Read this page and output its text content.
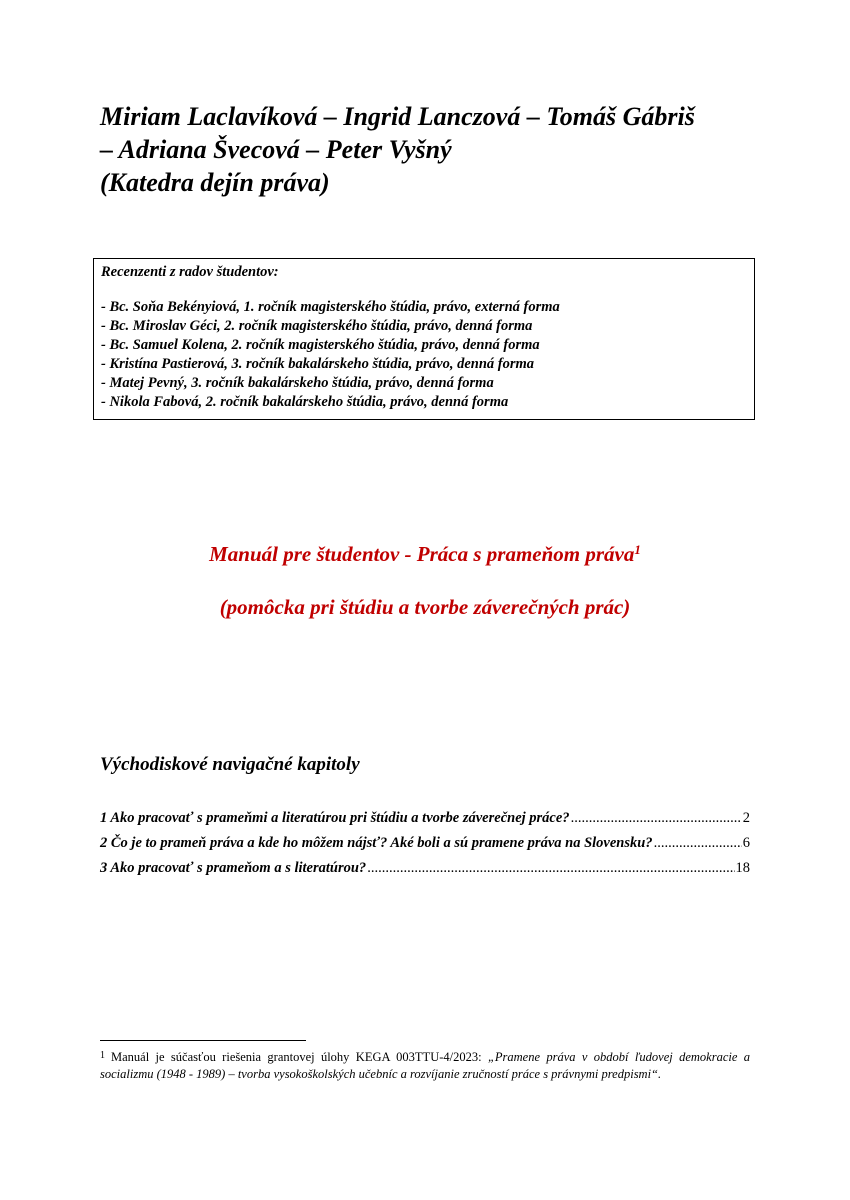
Miriam Laclavíková – Ingrid Lanczová – Tomáš Gábriš
– Adriana Švecová – Peter Vyšný
(Katedra dejín práva)
Recenzenti z radov študentov:
- Bc. Soňa Bekényiová, 1. ročník magisterského štúdia, právo, externá forma
- Bc. Miroslav Géci, 2. ročník magisterského štúdia, právo, denná forma
- Bc. Samuel Kolena, 2. ročník magisterského štúdia, právo, denná forma
- Kristína Pastierová, 3. ročník bakalárskeho štúdia, právo, denná forma
- Matej Pevný, 3. ročník bakalárskeho štúdia, právo, denná forma
- Nikola Fabová, 2. ročník bakalárskeho štúdia, právo, denná forma
Manuál pre študentov - Práca s prameňom práva$^1$
(pomôcka pri štúdiu a tvorbe záverečných prác)
Východiskové navigačné kapitoly
1 Ako pracovať s prameňmi a literatúrou pri štúdiu a tvorbe záverečnej práce? .....	2
2 Čo je to prameň práva a kde ho môžem nájsť? Aké boli a sú pramene práva na Slovensku? .....	6
3 Ako pracovať s prameňom a s literatúrou? .....	18
$^1$ Manuál je súčasťou riešenia grantovej úlohy KEGA 003TTU-4/2023: „Pramene práva v období ľudovej demokracie a socializmu (1948 - 1989) – tvorba vysokoškolských učebníc a rozvíjanie zručností práce s právnymi predpismi“.
